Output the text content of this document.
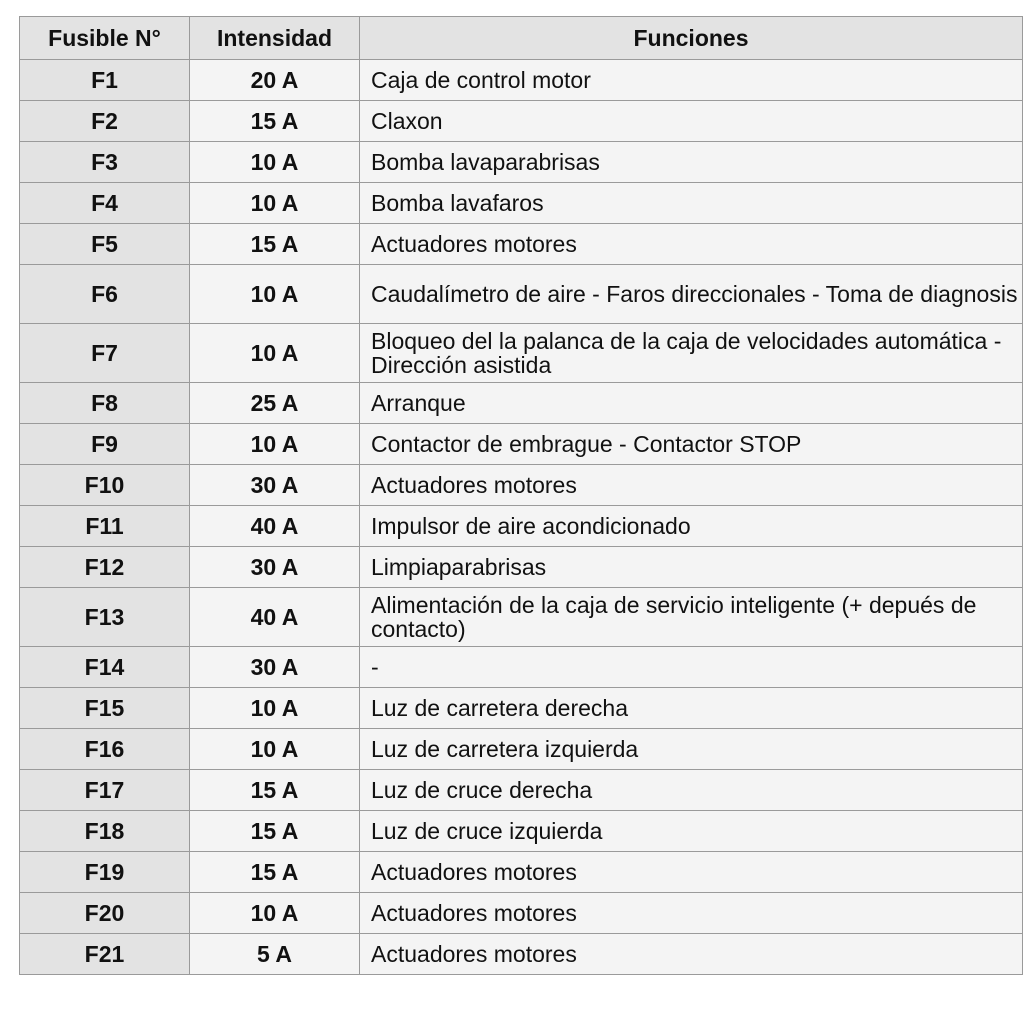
Fusible N°	Intensidad	Funciones
F1	20 A	Caja de control motor
F2	15 A	Claxon
F3	10 A	Bomba lavaparabrisas
F4	10 A	Bomba lavafaros
F5	15 A	Actuadores motores
F6	10 A	Caudalímetro de aire - Faros direccionales - Toma de diagnosis
F7	10 A	Bloqueo del la palanca de la caja de velocidades automática - Dirección asistida
F8	25 A	Arranque
F9	10 A	Contactor de embrague - Contactor STOP
F10	30 A	Actuadores motores
F11	40 A	Impulsor de aire acondicionado
F12	30 A	Limpiaparabrisas
F13	40 A	Alimentación de la caja de servicio inteligente (+ depués de contacto)
F14	30 A	-
F15	10 A	Luz de carretera derecha
F16	10 A	Luz de carretera izquierda
F17	15 A	Luz de cruce derecha
F18	15 A	Luz de cruce izquierda
F19	15 A	Actuadores motores
F20	10 A	Actuadores motores
F21	5 A	Actuadores motores
